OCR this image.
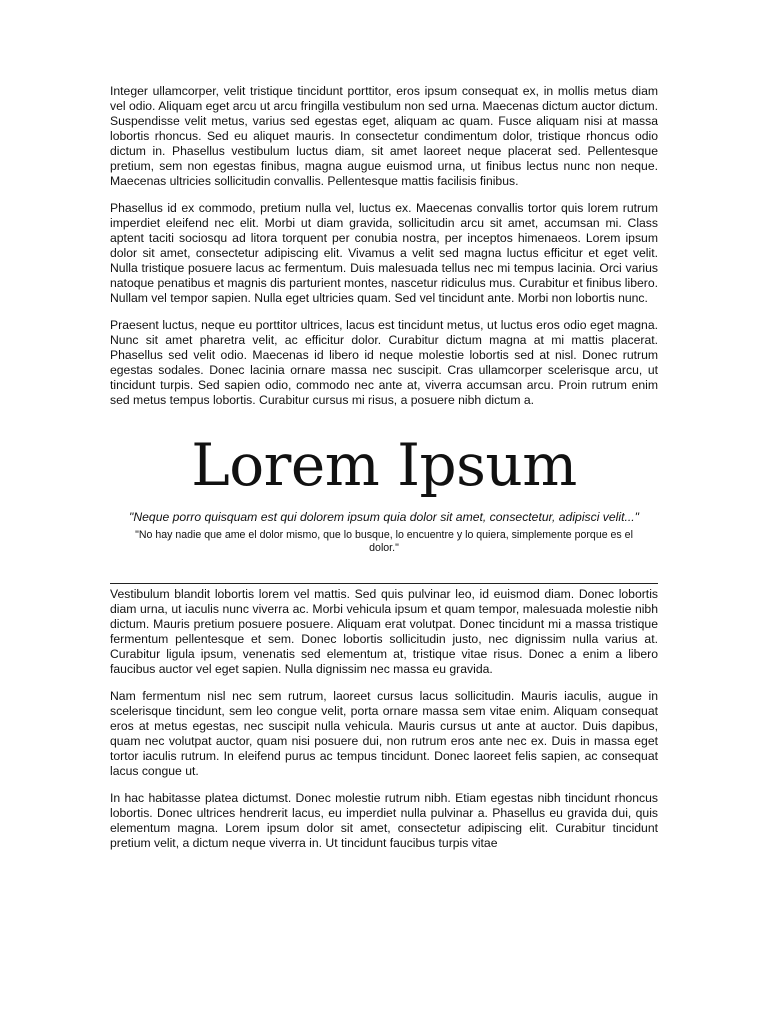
Integer ullamcorper, velit tristique tincidunt porttitor, eros ipsum consequat ex, in mollis metus diam vel odio. Aliquam eget arcu ut arcu fringilla vestibulum non sed urna. Maecenas dictum auctor dictum. Suspendisse velit metus, varius sed egestas eget, aliquam ac quam. Fusce aliquam nisi at massa lobortis rhoncus. Sed eu aliquet mauris. In consectetur condimentum dolor, tristique rhoncus odio dictum in. Phasellus vestibulum luctus diam, sit amet laoreet neque placerat sed. Pellentesque pretium, sem non egestas finibus, magna augue euismod urna, ut finibus lectus nunc non neque. Maecenas ultricies sollicitudin convallis. Pellentesque mattis facilisis finibus.

Phasellus id ex commodo, pretium nulla vel, luctus ex. Maecenas convallis tortor quis lorem rutrum imperdiet eleifend nec elit. Morbi ut diam gravida, sollicitudin arcu sit amet, accumsan mi. Class aptent taciti sociosqu ad litora torquent per conubia nostra, per inceptos himenaeos. Lorem ipsum dolor sit amet, consectetur adipiscing elit. Vivamus a velit sed magna luctus efficitur et eget velit. Nulla tristique posuere lacus ac fermentum. Duis malesuada tellus nec mi tempus lacinia. Orci varius natoque penatibus et magnis dis parturient montes, nascetur ridiculus mus. Curabitur et finibus libero. Nullam vel tempor sapien. Nulla eget ultricies quam. Sed vel tincidunt ante. Morbi non lobortis nunc.

Praesent luctus, neque eu porttitor ultrices, lacus est tincidunt metus, ut luctus eros odio eget magna. Nunc sit amet pharetra velit, ac efficitur dolor. Curabitur dictum magna at mi mattis placerat. Phasellus sed velit odio. Maecenas id libero id neque molestie lobortis sed at nisl. Donec rutrum egestas sodales. Donec lacinia ornare massa nec suscipit. Cras ullamcorper scelerisque arcu, ut tincidunt turpis. Sed sapien odio, commodo nec ante at, viverra accumsan arcu. Proin rutrum enim sed metus tempus lobortis. Curabitur cursus mi risus, a posuere nibh dictum a.

Lorem Ipsum

"Neque porro quisquam est qui dolorem ipsum quia dolor sit amet, consectetur, adipisci velit..."

"No hay nadie que ame el dolor mismo, que lo busque, lo encuentre y lo quiera, simplemente porque es el dolor."

Vestibulum blandit lobortis lorem vel mattis. Sed quis pulvinar leo, id euismod diam. Donec lobortis diam urna, ut iaculis nunc viverra ac. Morbi vehicula ipsum et quam tempor, malesuada molestie nibh dictum. Mauris pretium posuere posuere. Aliquam erat volutpat. Donec tincidunt mi a massa tristique fermentum pellentesque et sem. Donec lobortis sollicitudin justo, nec dignissim nulla varius at. Curabitur ligula ipsum, venenatis sed elementum at, tristique vitae risus. Donec a enim a libero faucibus auctor vel eget sapien. Nulla dignissim nec massa eu gravida.

Nam fermentum nisl nec sem rutrum, laoreet cursus lacus sollicitudin. Mauris iaculis, augue in scelerisque tincidunt, sem leo congue velit, porta ornare massa sem vitae enim. Aliquam consequat eros at metus egestas, nec suscipit nulla vehicula. Mauris cursus ut ante at auctor. Duis dapibus, quam nec volutpat auctor, quam nisi posuere dui, non rutrum eros ante nec ex. Duis in massa eget tortor iaculis rutrum. In eleifend purus ac tempus tincidunt. Donec laoreet felis sapien, ac consequat lacus congue ut.

In hac habitasse platea dictumst. Donec molestie rutrum nibh. Etiam egestas nibh tincidunt rhoncus lobortis. Donec ultrices hendrerit lacus, eu imperdiet nulla pulvinar a. Phasellus eu gravida dui, quis elementum magna. Lorem ipsum dolor sit amet, consectetur adipiscing elit. Curabitur tincidunt pretium velit, a dictum neque viverra in. Ut tincidunt faucibus turpis vitae
